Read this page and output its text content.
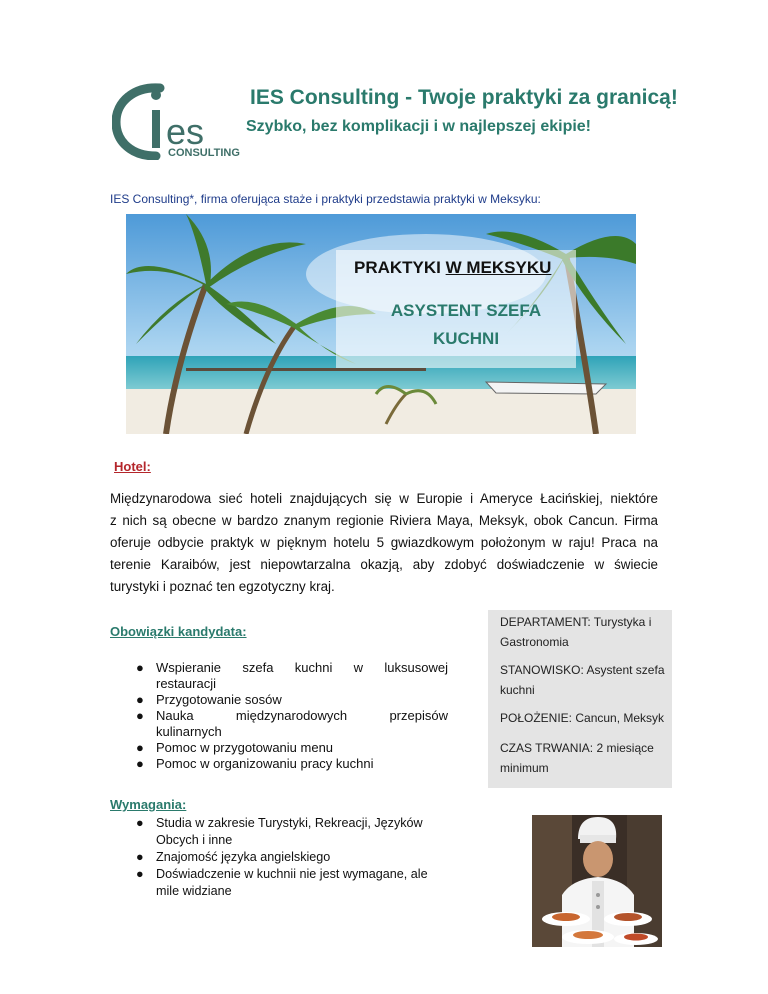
es
CONSULTING
IES Consulting - Twoje praktyki za granicą!
Szybko, bez komplikacji i w najlepszej ekipie!
IES Consulting*, firma oferująca staże i praktyki przedstawia praktyki w Meksyku:
PRAKTYKI W MEKSYKU
ASYSTENT SZEFA
KUCHNI
Hotel:
Międzynarodowa sieć hoteli znajdujących się w Europie i Ameryce Łacińskiej, niektóre
z nich są obecne w bardzo znanym regionie Riviera Maya, Meksyk, obok Cancun. Firma
oferuje odbycie praktyk w pięknym hotelu 5 gwiazdkowym położonym w raju! Praca na
terenie Karaibów, jest niepowtarzalna okazją, aby zdobyć doświadczenie w świecie
turystyki i poznać ten egzotyczny kraj.
DEPARTAMENT: Turystyka i Gastronomia
STANOWISKO: Asystent szefa kuchni
POŁOŻENIE: Cancun, Meksyk
CZAS TRWANIA: 2 miesiące minimum
Obowiązki kandydata:
● Wspieranie szefa kuchni w luksusowej
restauracji
● Przygotowanie sosów
● Nauka	międzynarodowych	przepisów
kulinarnych
● Pomoc w przygotowaniu menu
● Pomoc w organizowaniu pracy kuchni
Wymagania:
● Studia w zakresie Turystyki, Rekreacji, Języków
Obcych i inne
● Znajomość języka angielskiego
● Doświadczenie w kuchnii nie jest wymagane, ale
mile widziane
